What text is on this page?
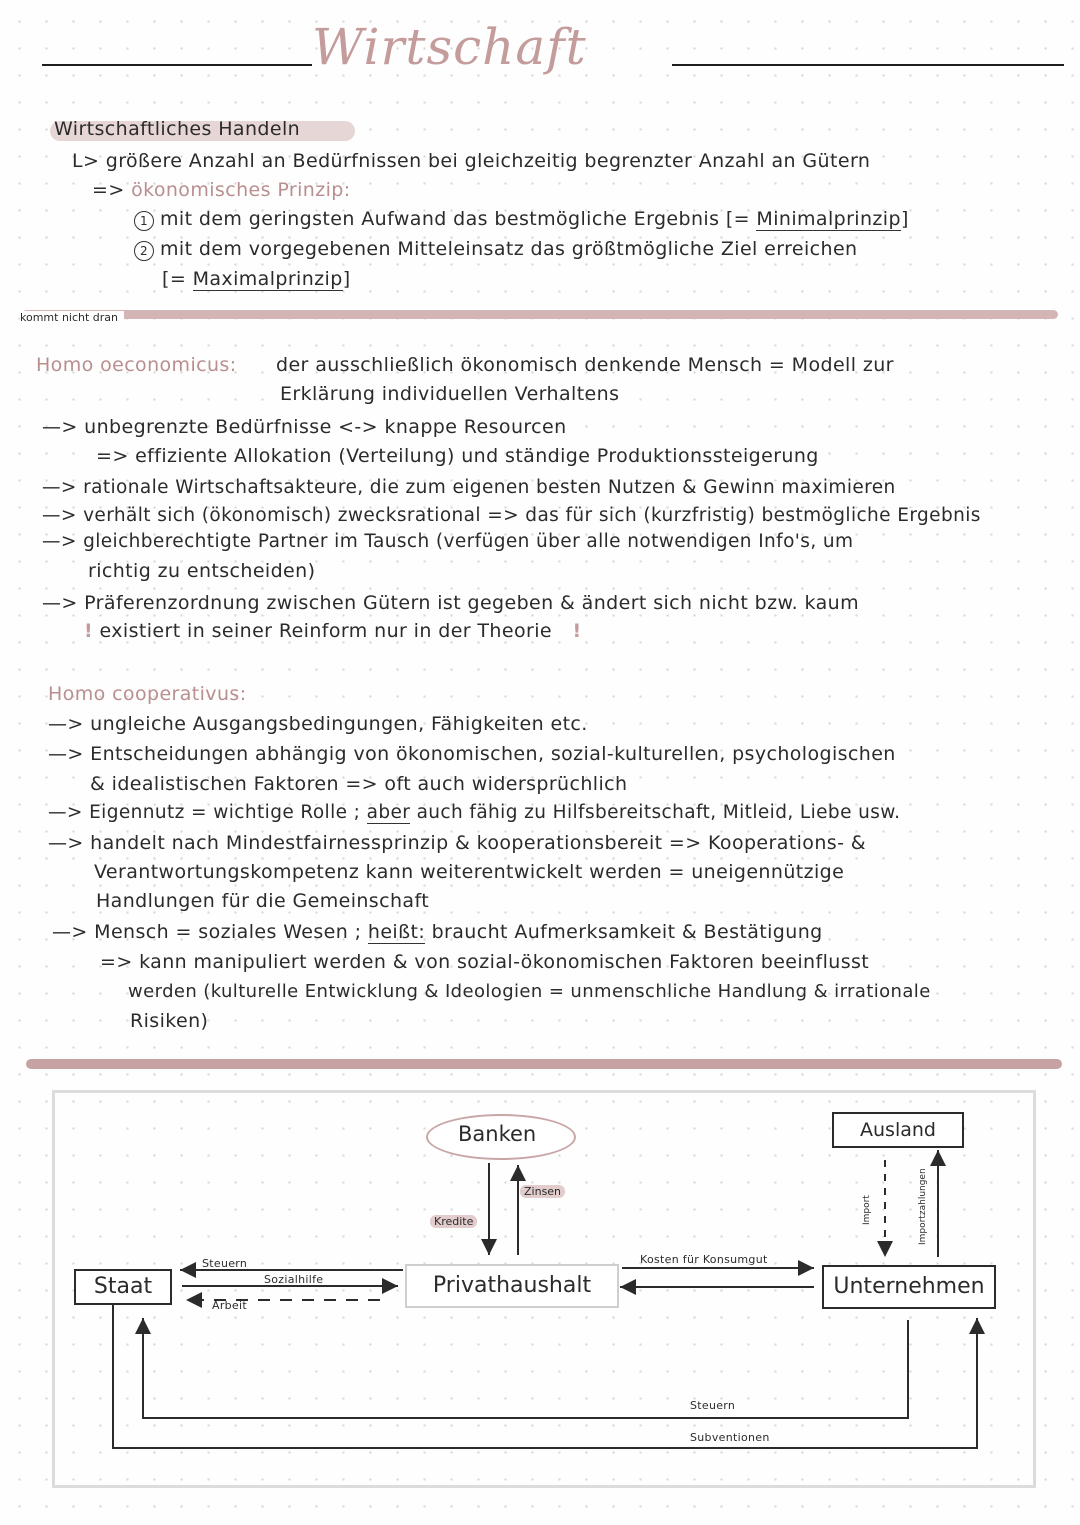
Wirtschaft
Wirtschaftliches Handeln
L> größere Anzahl an Bedürfnissen bei gleichzeitig begrenzter Anzahl an Gütern
=> ökonomisches Prinzip:
1 mit dem geringsten Aufwand das bestmögliche Ergebnis [= Minimalprinzip]
2 mit dem vorgegebenen Mitteleinsatz das größtmögliche Ziel erreichen
[= Maximalprinzip]
kommt nicht dran
Homo oeconomicus: der ausschließlich ökonomisch denkende Mensch = Modell zur
Erklärung individuellen Verhaltens
—> unbegrenzte Bedürfnisse <-> knappe Resourcen
=> effiziente Allokation (Verteilung) und ständige Produktionssteigerung
—> rationale Wirtschaftsakteure, die zum eigenen besten Nutzen & Gewinn maximieren
—> verhält sich (ökonomisch) zwecksrational => das für sich (kurzfristig) bestmögliche Ergebnis
—> gleichberechtigte Partner im Tausch (verfügen über alle notwendigen Info's, um
richtig zu entscheiden)
—> Präferenzordnung zwischen Gütern ist gegeben & ändert sich nicht bzw. kaum
! existiert in seiner Reinform nur in der Theorie !
Homo cooperativus:
—> ungleiche Ausgangsbedingungen, Fähigkeiten etc.
—> Entscheidungen abhängig von ökonomischen, sozial-kulturellen, psychologischen
& idealistischen Faktoren => oft auch widersprüchlich
—> Eigennutz = wichtige Rolle ; aber auch fähig zu Hilfsbereitschaft, Mitleid, Liebe usw.
—> handelt nach Mindestfairnessprinzip & kooperationsbereit => Kooperations- &
Verantwortungskompetenz kann weiterentwickelt werden = uneigennützige
Handlungen für die Gemeinschaft
—> Mensch = soziales Wesen ; heißt: braucht Aufmerksamkeit & Bestätigung
=> kann manipuliert werden & von sozial-ökonomischen Faktoren beeinflusst
werden (kulturelle Entwicklung & Ideologien = unmenschliche Handlung & irrationale
Risiken)
Banken	Ausland
Staat	Privathaushalt	Unternehmen
Kredite
Zinsen
Steuern
Sozialhilfe
Arbeit
Kosten für Konsumgut
Import	Importzahlungen
Steuern
Subventionen
